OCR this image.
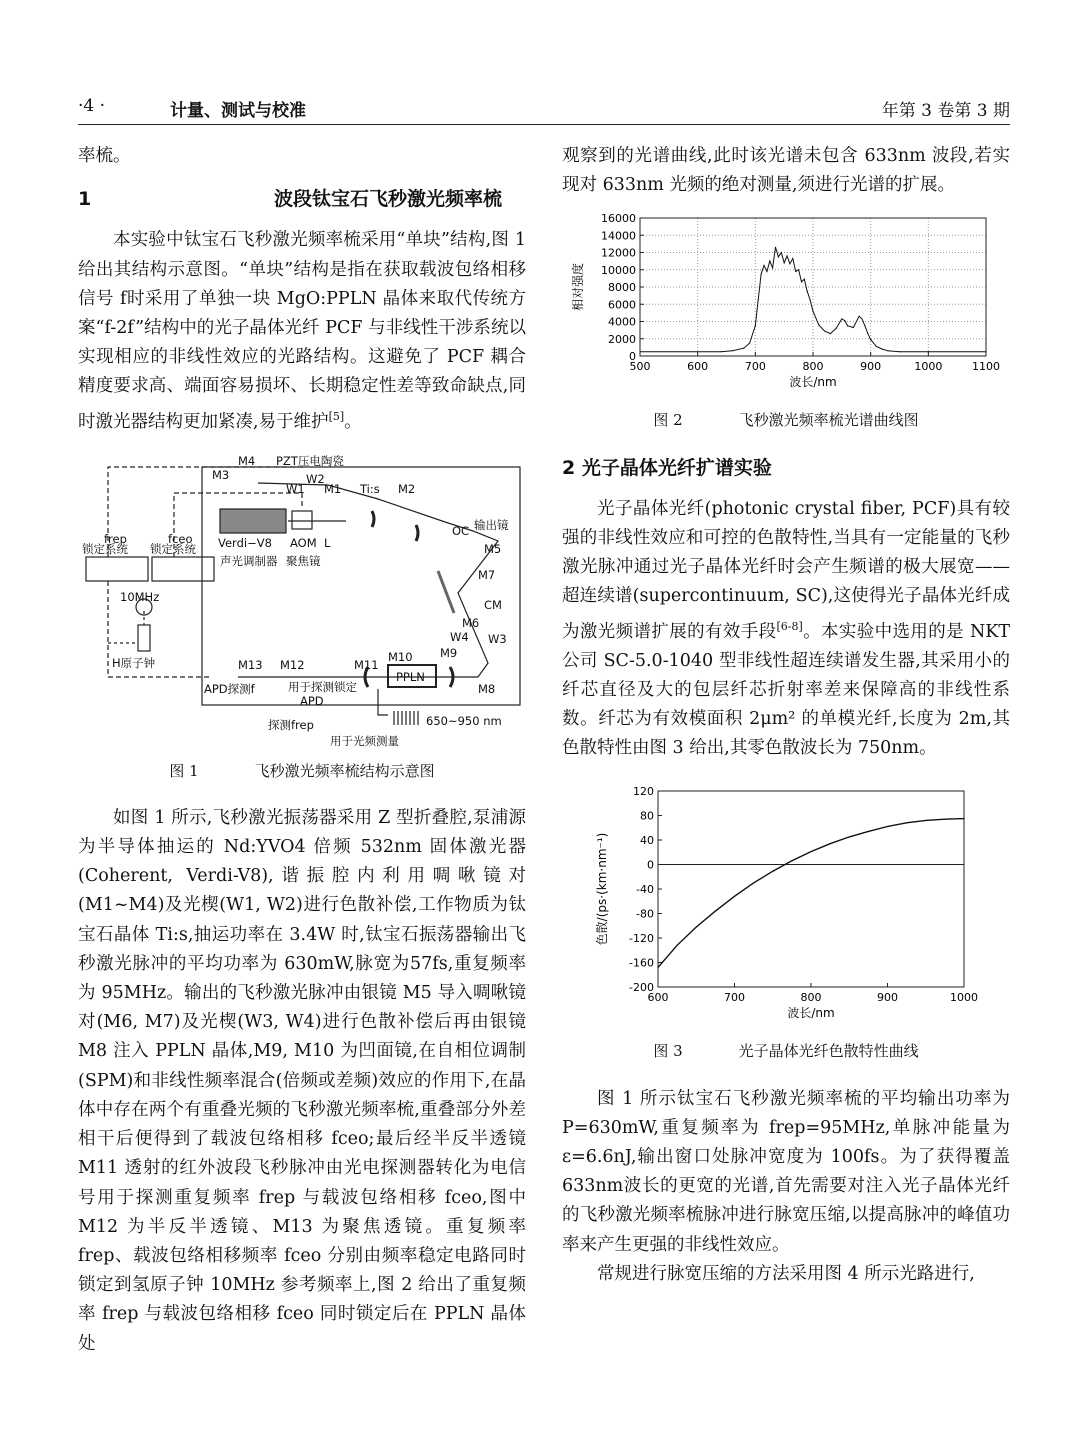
·4 ·	计量、测试与校准	年第 3 卷第 3 期

率梳。

1	波段钛宝石飞秒激光频率梳

本实验中钛宝石飞秒激光频率梳采用“单块”结构,图 1 给出其结构示意图。“单块”结构是指在获取载波包络相移信号 f时采用了单独一块 MgO:PPLN 晶体来取代传统方案“f-2f”结构中的光子晶体光纤 PCF 与非线性干涉系统以实现相应的非线性效应的光路结构。这避免了 PCF 耦合精度要求高、端面容易损坏、长期稳定性差等致命缺点,同时激光器结构更加紧凑,易于维护[5]。

M4 PZT压电陶瓷
M3	W2
W1 M1 Ti:s M2
Verdi−V8 AOM L
声光调制器 聚焦镜
OC 输出镜
M5
M7
CM
M6
W4 W3
M8
M9
M10
M11
M12
M13
PPLN
锁定系统 锁定系统
frep	fceo
10MHz
H原子钟
APD探测f	用于探测锁定
APD
探测frep	650~950 nm
用于光频测量
图 1	飞秒激光频率梳结构示意图

如图 1 所示,飞秒激光振荡器采用 Z 型折叠腔,泵浦源为半导体抽运的 Nd:YVO4 倍频 532nm 固体激光器(Coherent, Verdi-V8),谐振腔内利用啁啾镜对(M1~M4)及光楔(W1, W2)进行色散补偿,工作物质为钛宝石晶体 Ti:s,抽运功率在 3.4W 时,钛宝石振荡器输出飞秒激光脉冲的平均功率为 630mW,脉宽为57fs,重复频率为 95MHz。输出的飞秒激光脉冲由银镜 M5 导入啁啾镜对(M6, M7)及光楔(W3, W4)进行色散补偿后再由银镜 M8 注入 PPLN 晶体,M9, M10 为凹面镜,在自相位调制(SPM)和非线性频率混合(倍频或差频)效应的作用下,在晶体中存在两个有重叠光频的飞秒激光频率梳,重叠部分外差相干后便得到了载波包络相移 fceo;最后经半反半透镜 M11 透射的红外波段飞秒脉冲由光电探测器转化为电信号用于探测重复频率 frep 与载波包络相移 fceo,图中 M12 为半反半透镜、M13 为聚焦透镜。重复频率 frep、载波包络相移频率 fceo 分别由频率稳定电路同时锁定到氢原子钟 10MHz 参考频率上,图 2 给出了重复频率 frep 与载波包络相移 fceo 同时锁定后在 PPLN 晶体处

观察到的光谱曲线,此时该光谱未包含 633nm 波段,若实现对 633nm 光频的绝对测量,须进行光谱的扩展。

500	600	700	800	900	1000	1100
0
2000
4000
6000
8000
10000
12000
14000
16000
波长/nm
相对强度
图 2	飞秒激光频率梳光谱曲线图
2 光子晶体光纤扩谱实验

光子晶体光纤(photonic crystal fiber, PCF)具有较强的非线性效应和可控的色散特性,当具有一定能量的飞秒激光脉冲通过光子晶体光纤时会产生频谱的极大展宽——超连续谱(supercontinuum, SC),这使得光子晶体光纤成为激光频谱扩展的有效手段[6-8]。本实验中选用的是 NKT 公司 SC-5.0-1040 型非线性超连续谱发生器,其采用小的纤芯直径及大的包层纤芯折射率差来保障高的非线性系数。纤芯为有效模面积 2μm² 的单模光纤,长度为 2m,其色散特性由图 3 给出,其零色散波长为 750nm。

600	700	800	900	1000
-200
-160
-120
-80
-40
0
40
80
120
波长/nm
色散/(ps·(km·nm⁻¹)
图 3	光子晶体光纤色散特性曲线

图 1 所示钛宝石飞秒激光频率梳的平均输出功率为 P=630mW,重复频率为 frep=95MHz,单脉冲能量为 ε=6.6nJ,输出窗口处脉冲宽度为 100fs。为了获得覆盖 633nm波长的更宽的光谱,首先需要对注入光子晶体光纤的飞秒激光频率梳脉冲进行脉宽压缩,以提高脉冲的峰值功率来产生更强的非线性效应。

常规进行脉宽压缩的方法采用图 4 所示光路进行,
